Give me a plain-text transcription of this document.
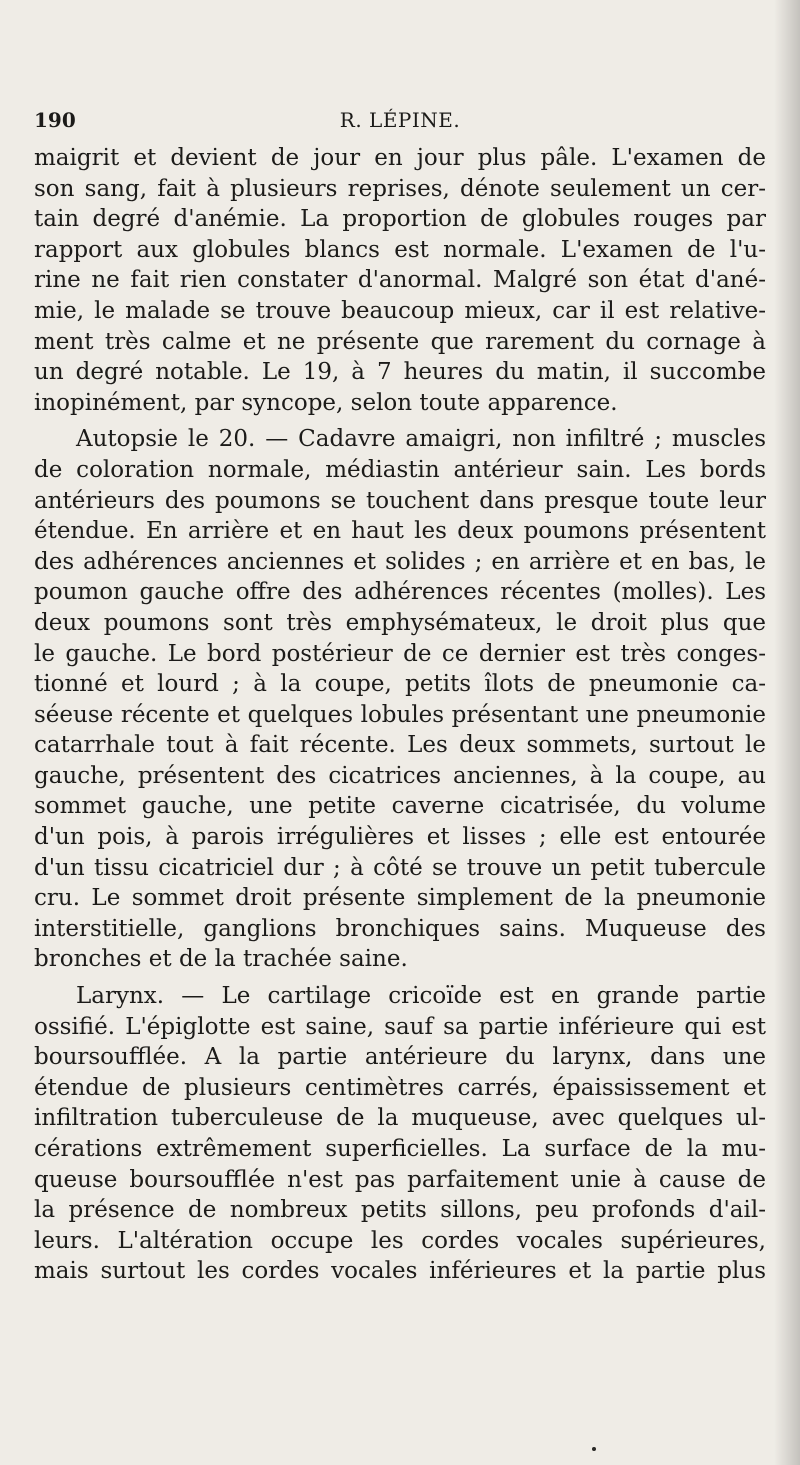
190	R. LÉPINE.
maigrit et devient de jour en jour plus pâle. L'examen de
son sang, fait à plusieurs reprises, dénote seulement un cer-
tain degré d'anémie. La proportion de globules rouges par
rapport aux globules blancs est normale. L'examen de l'u-
rine ne fait rien constater d'anormal. Malgré son état d'ané-
mie, le malade se trouve beaucoup mieux, car il est relative-
ment très calme et ne présente que rarement du cornage à
un degré notable. Le 19, à 7 heures du matin, il succombe
inopinément, par syncope, selon toute apparence.
Autopsie le 20. — Cadavre amaigri, non infiltré ; muscles
de coloration normale, médiastin antérieur sain. Les bords
antérieurs des poumons se touchent dans presque toute leur
étendue. En arrière et en haut les deux poumons présentent
des adhérences anciennes et solides ; en arrière et en bas, le
poumon gauche offre des adhérences récentes (molles). Les
deux poumons sont très emphysémateux, le droit plus que
le gauche. Le bord postérieur de ce dernier est très conges-
tionné et lourd ; à la coupe, petits îlots de pneumonie ca-
séeuse récente et quelques lobules présentant une pneumonie
catarrhale tout à fait récente. Les deux sommets, surtout le
gauche, présentent des cicatrices anciennes, à la coupe, au
sommet gauche, une petite caverne cicatrisée, du volume
d'un pois, à parois irrégulières et lisses ; elle est entourée
d'un tissu cicatriciel dur ; à côté se trouve un petit tubercule
cru. Le sommet droit présente simplement de la pneumonie
interstitielle, ganglions bronchiques sains. Muqueuse des
bronches et de la trachée saine.
Larynx. — Le cartilage cricoïde est en grande partie
ossifié. L'épiglotte est saine, sauf sa partie inférieure qui est
boursoufflée. A la partie antérieure du larynx, dans une
étendue de plusieurs centimètres carrés, épaississement et
infiltration tuberculeuse de la muqueuse, avec quelques ul-
cérations extrêmement superficielles. La surface de la mu-
queuse boursoufflée n'est pas parfaitement unie à cause de
la présence de nombreux petits sillons, peu profonds d'ail-
leurs. L'altération occupe les cordes vocales supérieures,
mais surtout les cordes vocales inférieures et la partie plus
